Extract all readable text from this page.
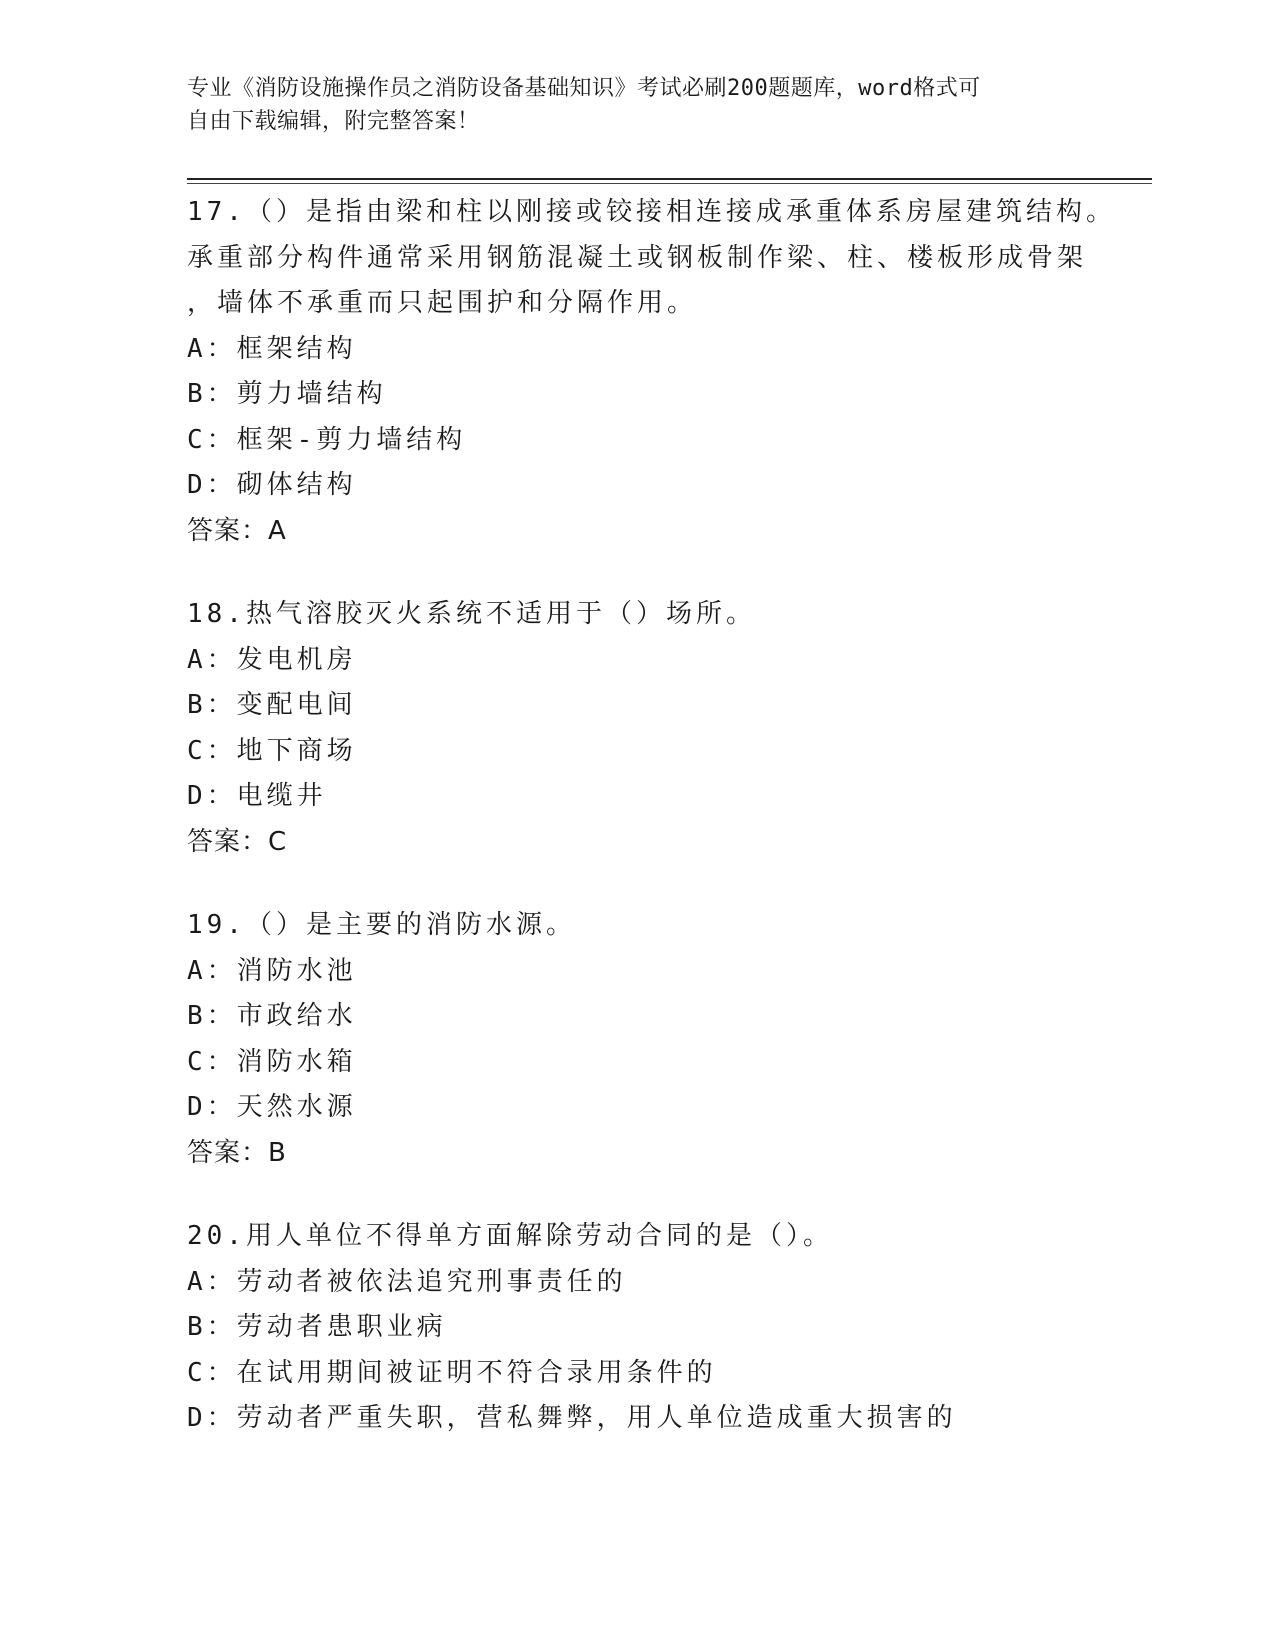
专业《消防设施操作员之消防设备基础知识》考试必刷200题题库，word格式可
自由下载编辑，附完整答案！
17.（）是指由梁和柱以刚接或铰接相连接成承重体系房屋建筑结构。
承重部分构件通常采用钢筋混凝土或钢板制作梁、柱、楼板形成骨架
，墙体不承重而只起围护和分隔作用。
A：框架结构
B：剪力墙结构
C：框架-剪力墙结构
D：砌体结构
答案：A
18.热气溶胶灭火系统不适用于（）场所。
A：发电机房
B：变配电间
C：地下商场
D：电缆井
答案：C
19.（）是主要的消防水源。
A：消防水池
B：市政给水
C：消防水箱
D：天然水源
答案：B
20.用人单位不得单方面解除劳动合同的是（）。
A：劳动者被依法追究刑事责任的
B：劳动者患职业病
C：在试用期间被证明不符合录用条件的
D：劳动者严重失职，营私舞弊，用人单位造成重大损害的
